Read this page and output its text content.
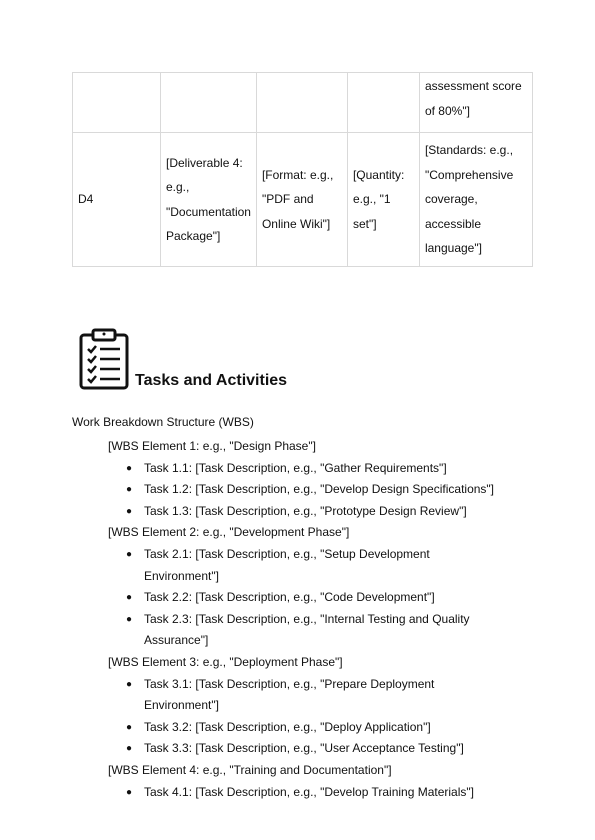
				assessment score of 80%"]
D4	[Deliverable 4: e.g., "Documentation Package"]	[Format: e.g., "PDF and Online Wiki"]	[Quantity: e.g., "1 set"]	[Standards: e.g., "Comprehensive coverage, accessible language"]
Tasks and Activities
Work Breakdown Structure (WBS)
[WBS Element 1: e.g., "Design Phase"]
● Task 1.1: [Task Description, e.g., "Gather Requirements"]
● Task 1.2: [Task Description, e.g., "Develop Design Specifications"]
● Task 1.3: [Task Description, e.g., "Prototype Design Review"]
[WBS Element 2: e.g., "Development Phase"]
● Task 2.1: [Task Description, e.g., "Setup Development Environment"]
● Task 2.2: [Task Description, e.g., "Code Development"]
● Task 2.3: [Task Description, e.g., "Internal Testing and Quality Assurance"]
[WBS Element 3: e.g., "Deployment Phase"]
● Task 3.1: [Task Description, e.g., "Prepare Deployment Environment"]
● Task 3.2: [Task Description, e.g., "Deploy Application"]
● Task 3.3: [Task Description, e.g., "User Acceptance Testing"]
[WBS Element 4: e.g., "Training and Documentation"]
● Task 4.1: [Task Description, e.g., "Develop Training Materials"]
